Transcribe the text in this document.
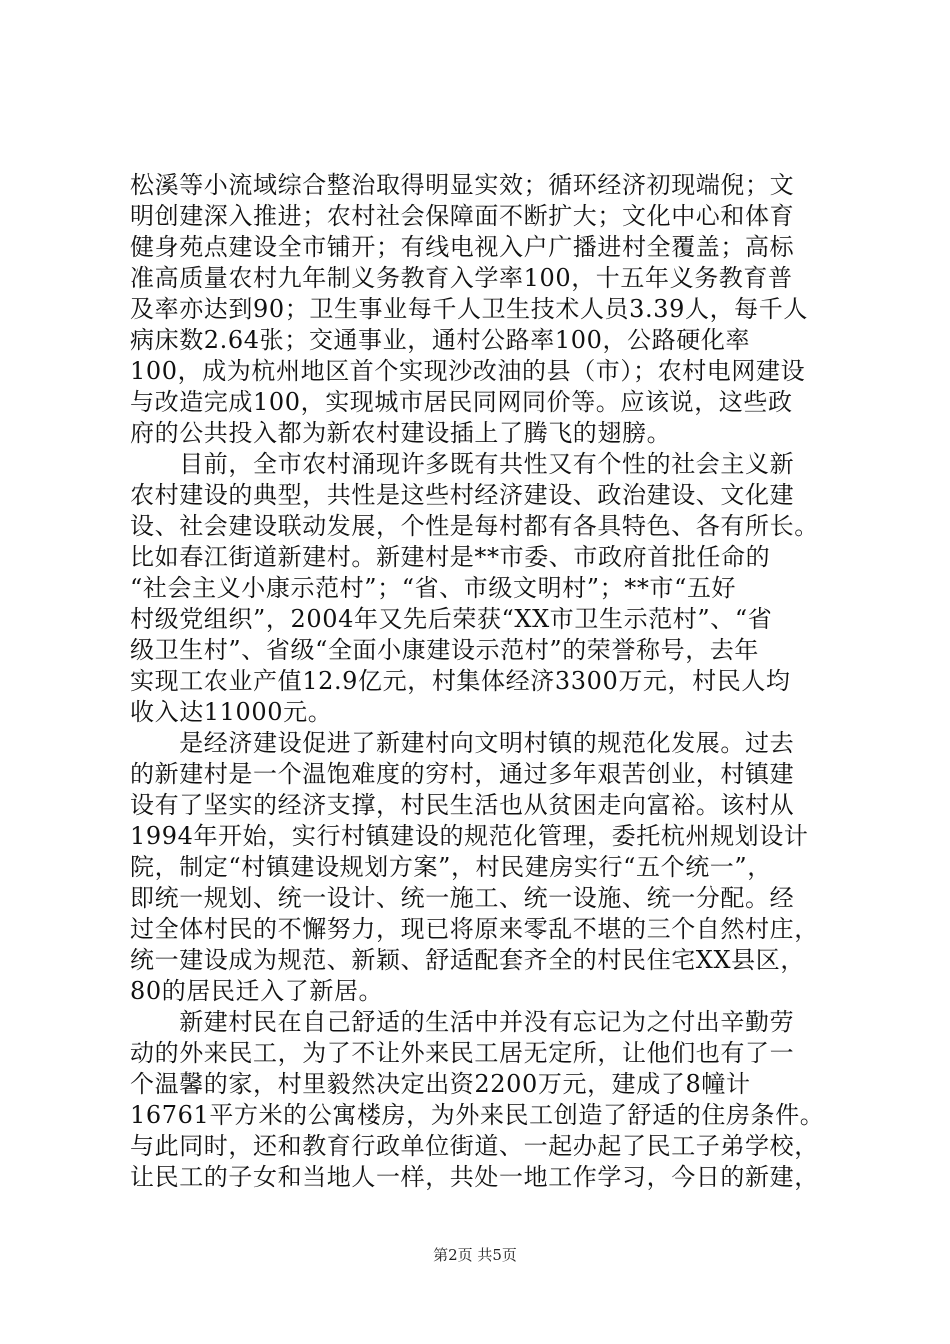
松溪等小流域综合整治取得明显实效；循环经济初现端倪；文
明创建深入推进；农村社会保障面不断扩大；文化中心和体育
健身苑点建设全市铺开；有线电视入户广播进村全覆盖；高标
准高质量农村九年制义务教育入学率100，十五年义务教育普
及率亦达到90；卫生事业每千人卫生技术人员3.39人，每千人
病床数2.64张；交通事业，通村公路率100，公路硬化率
100，成为杭州地区首个实现沙改油的县（市）；农村电网建设
与改造完成100，实现城市居民同网同价等。应该说，这些政
府的公共投入都为新农村建设插上了腾飞的翅膀。
　　目前，全市农村涌现许多既有共性又有个性的社会主义新
农村建设的典型，共性是这些村经济建设、政治建设、文化建
设、社会建设联动发展，个性是每村都有各具特色、各有所长。
比如春江街道新建村。新建村是**市委、市政府首批任命的
“社会主义小康示范村”；“省、市级文明村”；**市“五好
村级党组织”，2004年又先后荣获“XX市卫生示范村”、“省
级卫生村”、省级“全面小康建设示范村”的荣誉称号，去年
实现工农业产值12.9亿元，村集体经济3300万元，村民人均
收入达11000元。
　　是经济建设促进了新建村向文明村镇的规范化发展。过去
的新建村是一个温饱难度的穷村，通过多年艰苦创业，村镇建
设有了坚实的经济支撑，村民生活也从贫困走向富裕。该村从
1994年开始，实行村镇建设的规范化管理，委托杭州规划设计
院，制定“村镇建设规划方案”，村民建房实行“五个统一”，
即统一规划、统一设计、统一施工、统一设施、统一分配。经
过全体村民的不懈努力，现已将原来零乱不堪的三个自然村庄，
统一建设成为规范、新颖、舒适配套齐全的村民住宅XX县区，
80的居民迁入了新居。
　　新建村民在自己舒适的生活中并没有忘记为之付出辛勤劳
动的外来民工，为了不让外来民工居无定所，让他们也有了一
个温馨的家，村里毅然决定出资2200万元，建成了8幢计
16761平方米的公寓楼房，为外来民工创造了舒适的住房条件。
与此同时，还和教育行政单位街道、一起办起了民工子弟学校，
让民工的子女和当地人一样，共处一地工作学习，今日的新建，
第2页 共5页
